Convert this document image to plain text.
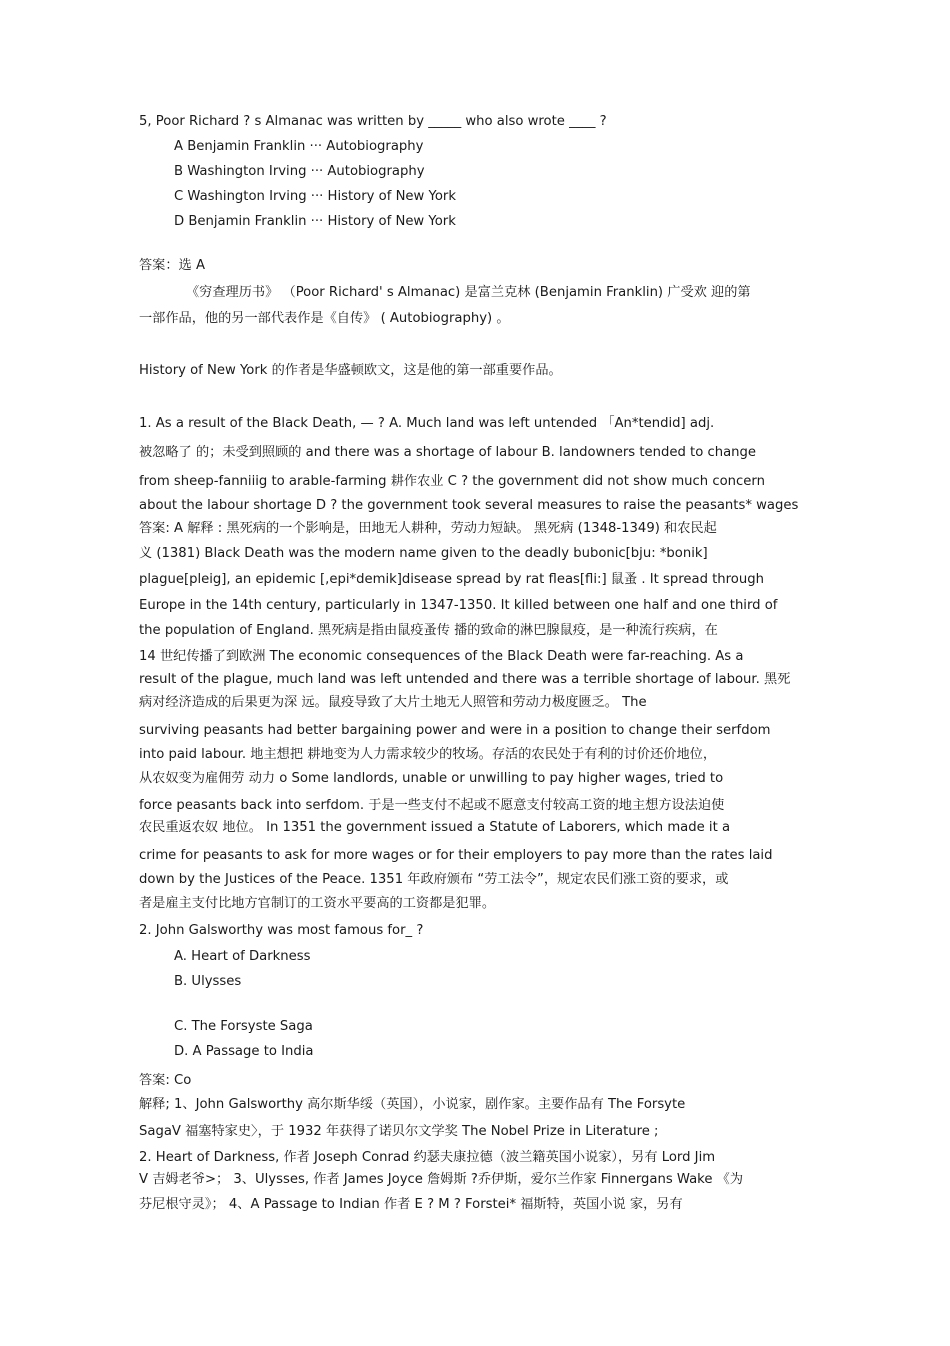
5, Poor Richard ? s Almanac was written by _____ who also wrote ____ ?
A Benjamin Franklin ··· Autobiography
B Washington Irving ··· Autobiography
C Washington Irving ··· History of New York
D Benjamin Franklin ··· History of New York
答案：选 A
《穷查理历书》 （Poor Richard' s Almanac) 是富兰克林 (Benjamin Franklin) 广受欢 迎的第
一部作品，他的另一部代表作是《自传》 ( Autobiography) 。
History of New York 的作者是华盛顿欧文，这是他的第一部重要作品。
1. As a result of the Black Death, — ? A. Much land was left untended 「An*tendid] adj.
被忽略了 的；未受到照顾的 and there was a shortage of labour B. landowners tended to change
from sheep-fanniiig to arable-farming 耕作农业 C ? the government did not show much concern
about the labour shortage D ? the government took several measures to raise the peasants* wages
答案: A 解释 : 黑死病的一个影响是，田地无人耕种，劳动力短缺。 黑死病 (1348-1349) 和农民起
义 (1381) Black Death was the modern name given to the deadly bubonic[bju: *bonik]
plague[pleig], an epidemic [,epi*demik]disease spread by rat fleas[fli:] 鼠蚤 . It spread through
Europe in the 14th century, particularly in 1347-1350. It killed between one half and one third of
the population of England. 黑死病是指由鼠疫蚤传 播的致命的淋巴腺鼠疫，是一种流行疾病，在
14 世纪传播了到欧洲 The economic consequences of the Black Death were far-reaching. As a
result of the plague, much land was left untended and there was a terrible shortage of labour. 黑死
病对经济造成的后果更为深 远。鼠疫导致了大片土地无人照管和劳动力极度匮乏。 The
surviving peasants had better bargaining power and were in a position to change their serfdom
into paid labour. 地主想把 耕地变为人力需求较少的牧场。存活的农民处于有利的讨价还价地位，
从农奴变为雇佣劳 动力 o Some landlords, unable or unwilling to pay higher wages, tried to
force peasants back into serfdom. 于是一些支付不起或不愿意支付较高工资的地主想方设法迫使
农民重返农奴 地位。 In 1351 the government issued a Statute of Laborers, which made it a
crime for peasants to ask for more wages or for their employers to pay more than the rates laid
down by the Justices of the Peace. 1351 年政府颁布 “劳工法令”，规定农民们涨工资的要求，或
者是雇主支付比地方官制订的工资水平要高的工资都是犯罪。
2. John Galsworthy was most famous for_ ?
A. Heart of Darkness
B. Ulysses
C. The Forsyste Saga
D. A Passage to India
答案: Co
解释; 1、John Galsworthy 高尔斯华绥（英国），小说家，剧作家。主要作品有 The Forsyte
SagaV 福塞特家史〉，于 1932 年获得了诺贝尔文学奖 The Nobel Prize in Literature ;
2. Heart of Darkness, 作者 Joseph Conrad 约瑟夫康拉德（波兰籍英国小说家），另有 Lord Jim
V 吉姆老爷>； 3、Ulysses, 作者 James Joyce 詹姆斯 ?乔伊斯，爱尔兰作家 Finnergans Wake 《为
芬尼根守灵》； 4、A Passage to Indian 作者 E ? M ? Forstei* 福斯特，英国小说 家，另有
